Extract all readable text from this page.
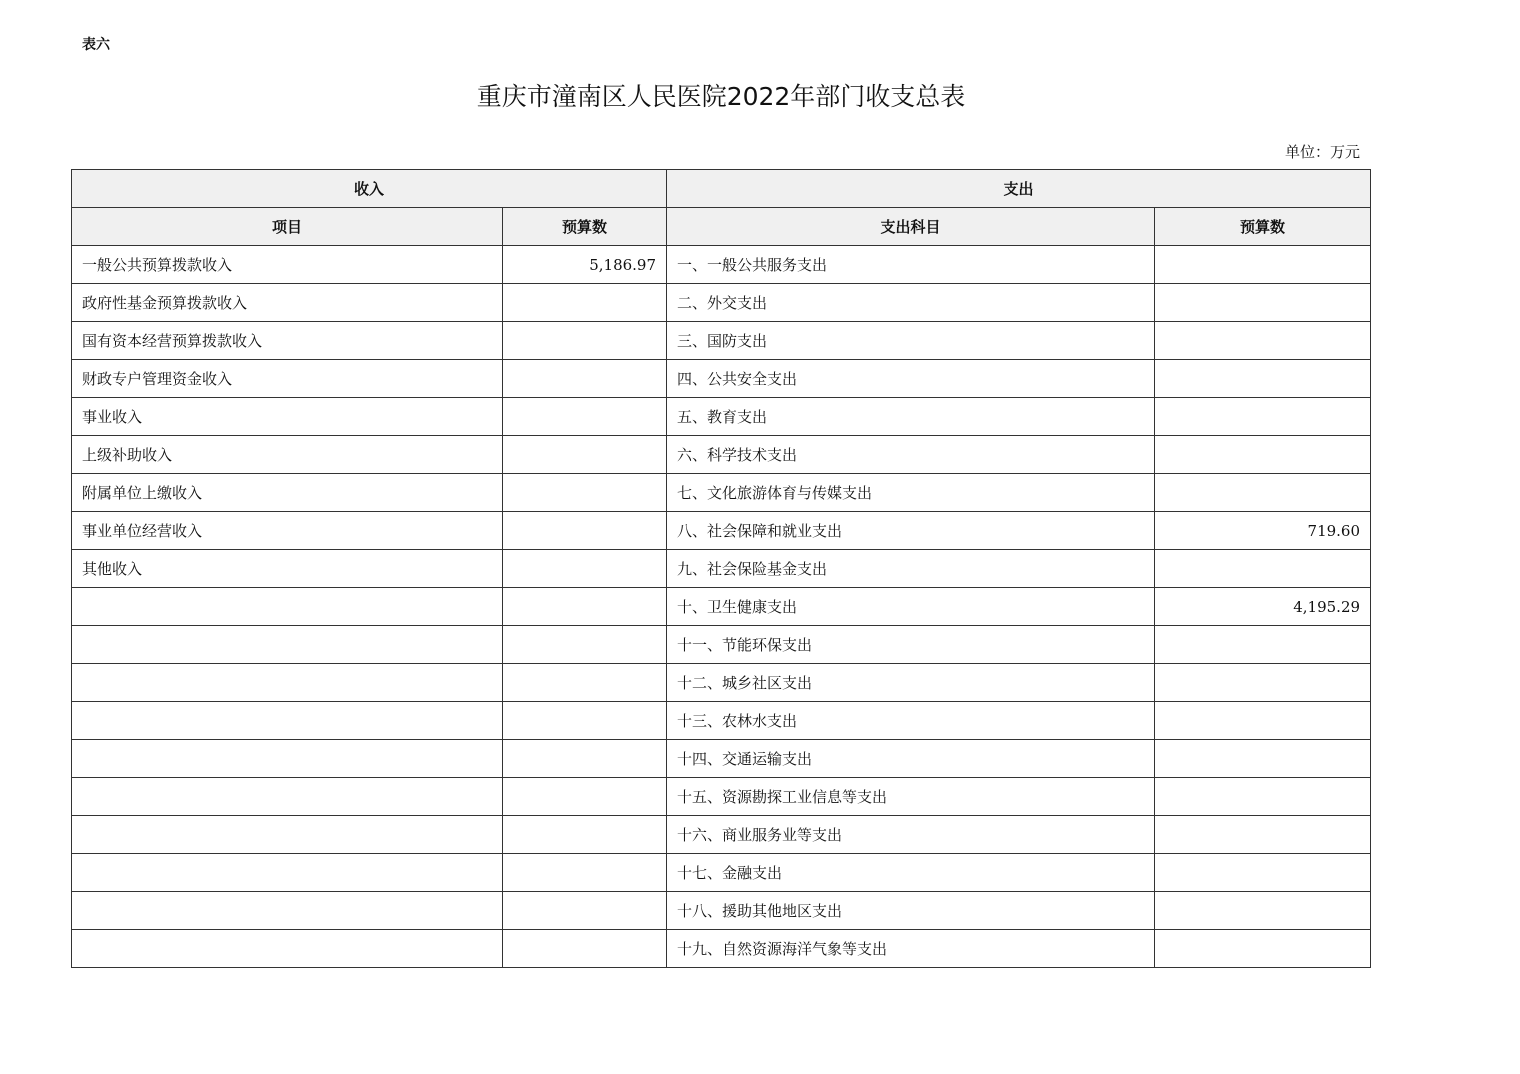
表六
重庆市潼南区人民医院2022年部门收支总表
单位：万元
收入		支出	
项目	预算数	支出科目	预算数
一般公共预算拨款收入	5,186.97	一、一般公共服务支出	
政府性基金预算拨款收入		二、外交支出	
国有资本经营预算拨款收入		三、国防支出	
财政专户管理资金收入		四、公共安全支出	
事业收入		五、教育支出	
上级补助收入		六、科学技术支出	
附属单位上缴收入		七、文化旅游体育与传媒支出	
事业单位经营收入		八、社会保障和就业支出	719.60
其他收入		九、社会保险基金支出	
		十、卫生健康支出	4,195.29
		十一、节能环保支出	
		十二、城乡社区支出	
		十三、农林水支出	
		十四、交通运输支出	
		十五、资源勘探工业信息等支出	
		十六、商业服务业等支出	
		十七、金融支出	
		十八、援助其他地区支出	
		十九、自然资源海洋气象等支出	
